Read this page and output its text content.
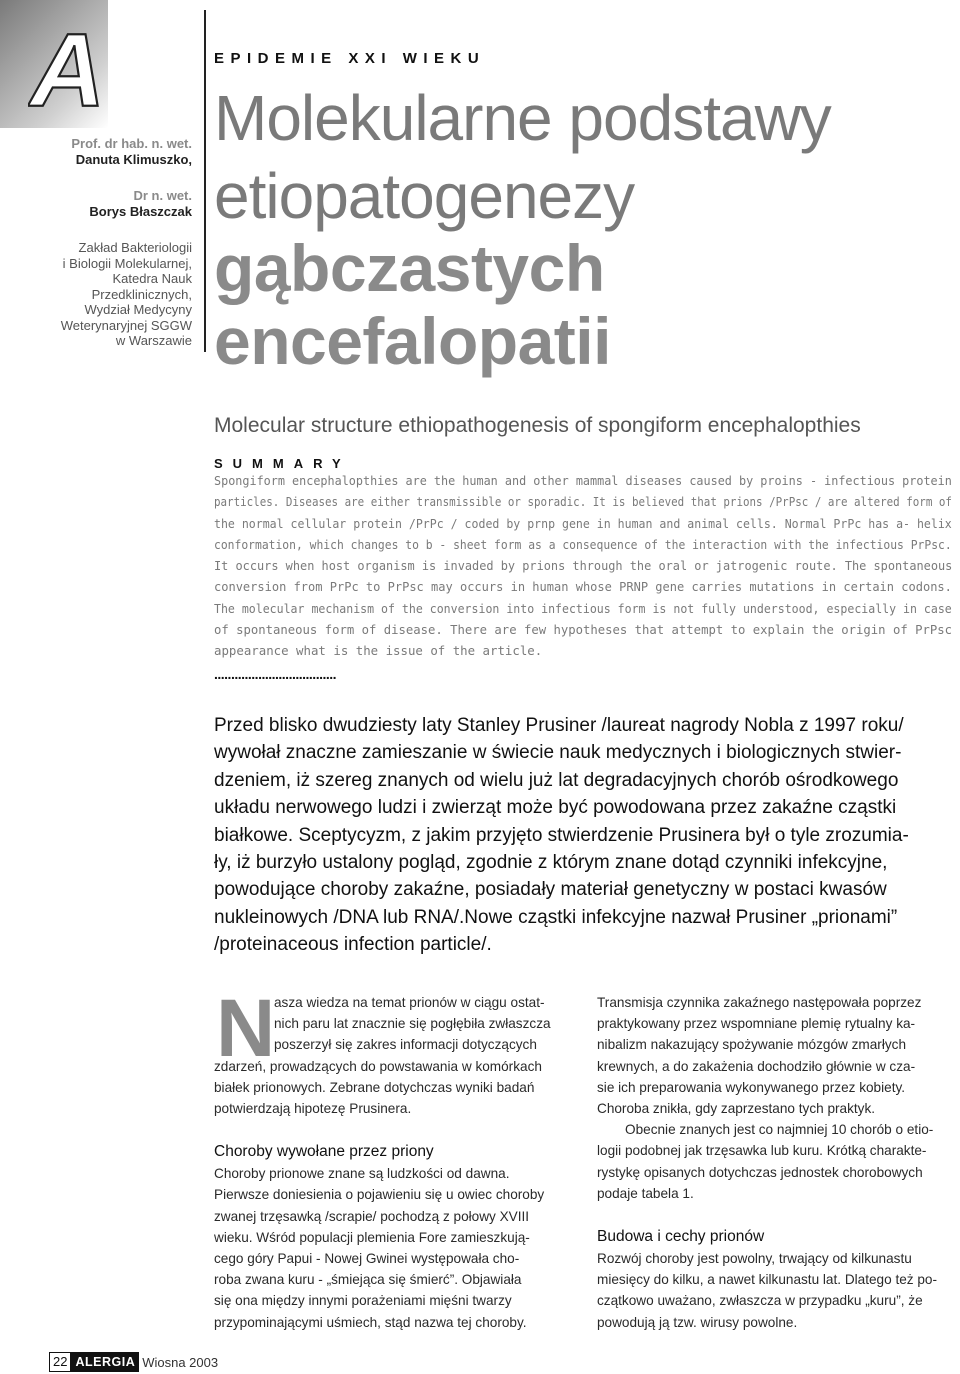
A
Prof. dr hab. n. wet.
Danuta Klimuszko,
Dr n. wet.
Borys Błaszczak
Zakład Bakteriologii
i Biologii Molekularnej,
Katedra Nauk
Przedklinicznych,
Wydział Medycyny
Weterynaryjnej SGGW
w Warszawie
EPIDEMIE XXI WIEKU
Molekularne podstawy
etiopatogenezy
gąbczastych
encefalopatii
Molecular structure ethiopathogenesis of spongiform encephalopthies
SUMMARY
Spongiform encephalopthies are the human and other mammal diseases caused by proins - infectious protein
particles. Diseases are either transmissible or sporadic. It is believed that prions /PrPsc / are altered form of
the normal cellular protein /PrPc / coded by prnp gene in human and animal cells. Normal PrPc has a- helix
conformation, which changes to b - sheet form as a consequence of the interaction with the infectious PrPsc.
It occurs when host organism is invaded by prions through the oral or jatrogenic route. The spontaneous
conversion from PrPc to PrPsc may occurs in human whose PRNP gene carries mutations in certain codons.
The molecular mechanism of the conversion into infectious form is not fully understood, especially in case
of spontaneous form of disease. There are few hypotheses that attempt to explain the origin of PrPsc
appearance what is the issue of the article.
....................................
Przed blisko dwudziesty laty Stanley Prusiner /laureat nagrody Nobla z 1997 roku/
wywołał znaczne zamieszanie w świecie nauk medycznych i biologicznych stwier-
dzeniem, iż szereg znanych od wielu już lat degradacyjnych chorób ośrodkowego
układu nerwowego ludzi i zwierząt może być powodowana przez zakaźne cząstki
białkowe. Sceptycyzm, z jakim przyjęto stwierdzenie Prusinera był o tyle zrozumia-
ły, iż burzyło ustalony pogląd, zgodnie z którym znane dotąd czynniki infekcyjne,
powodujące choroby zakaźne, posiadały materiał genetyczny w postaci kwasów
nukleinowych /DNA lub RNA/.Nowe cząstki infekcyjne nazwał Prusiner „prionami”
/proteinaceous infection particle/.
N
asza wiedza na temat prionów w ciągu ostat-
nich paru lat znacznie się pogłębiła zwłaszcza
poszerzył się zakres informacji dotyczących
zdarzeń, prowadzących do powstawania w komórkach
białek prionowych. Zebrane dotychczas wyniki badań
potwierdzają hipotezę Prusinera.
Choroby wywołane przez priony
Choroby prionowe znane są ludzkości od dawna.
Pierwsze doniesienia o pojawieniu się u owiec choroby
zwanej trzęsawką /scrapie/ pochodzą z połowy XVIII
wieku. Wśród populacji plemienia Fore zamieszkują-
cego góry Papui - Nowej Gwinei występowała cho-
roba zwana kuru - „śmiejąca się śmierć”. Objawiała
się ona między innymi porażeniami mięśni twarzy
przypominającymi uśmiech, stąd nazwa tej choroby.
Transmisja czynnika zakaźnego następowała poprzez
praktykowany przez wspomniane plemię rytualny ka-
nibalizm nakazujący spożywanie mózgów zmarłych
krewnych, a do zakażenia dochodziło głównie w cza-
sie ich preparowania wykonywanego przez kobiety.
Choroba znikła, gdy zaprzestano tych praktyk.
Obecnie znanych jest co najmniej 10 chorób o etio-
logii podobnej jak trzęsawka lub kuru. Krótką charakte-
rystykę opisanych dotychczas jednostek chorobowych
podaje tabela 1.
Budowa i cechy prionów
Rozwój choroby jest powolny, trwający od kilkunastu
miesięcy do kilku, a nawet kilkunastu lat. Dlatego też po-
czątkowo uważano, zwłaszcza w przypadku „kuru”, że
powodują ją tzw. wirusy powolne.
22 ALERGIA Wiosna 2003
